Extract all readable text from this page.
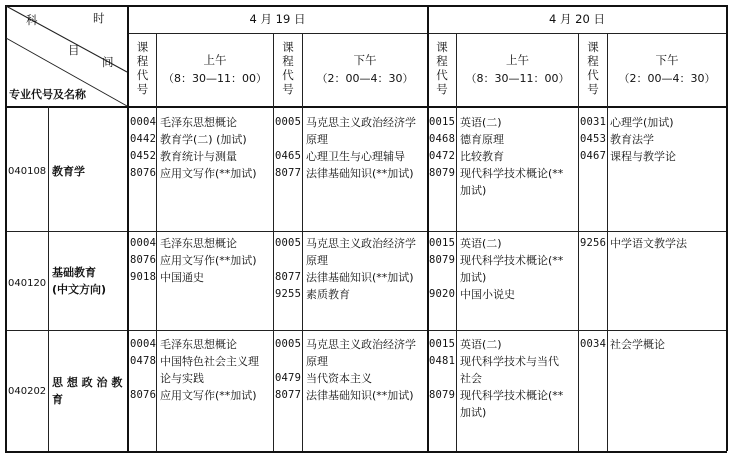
时
科
目
间
专业代号及名称
4 月 19 日	4 月 20 日
课
程
代
号
课
程
代
号
课
程
代
号
课
程
代
号
上午
（8：30—11：00）
下午
（2：00—4：30）
上午
（8：30—11：00）
下午
（2：00—4：30）
040108 教育学
0004
0442
0452
8076
毛泽东思想概论
教育学(二) (加试)
教育统计与测量
应用文写作(**加试)
0005

0465
8077
马克思主义政治经济学
原理
心理卫生与心理辅导
法律基础知识(**加试)
0015
0468
0472
8079

英语(二)
德育原理
比较教育
现代科学技术概论(**
加试)
0031
0453
0467
心理学(加试)
教育法学
课程与教学论
040120
基础教育
(中文方向)
0004
8076
9018
毛泽东思想概论
应用文写作(**加试)
中国通史
0005

8077
9255
马克思主义政治经济学
原理
法律基础知识(**加试)
素质教育
0015
8079

9020
英语(二)
现代科学技术概论(**
加试)
中国小说史
9256 中学语文教学法
040202
思 想 政 治 教
育
0004
0478

8076
毛泽东思想概论
中国特色社会主义理
论与实践
应用文写作(**加试)
0005

0479
8077
马克思主义政治经济学
原理
当代资本主义
法律基础知识(**加试)
0015
0481

8079

英语(二)
现代科学技术与当代
社会
现代科学技术概论(**
加试)
0034 社会学概论
